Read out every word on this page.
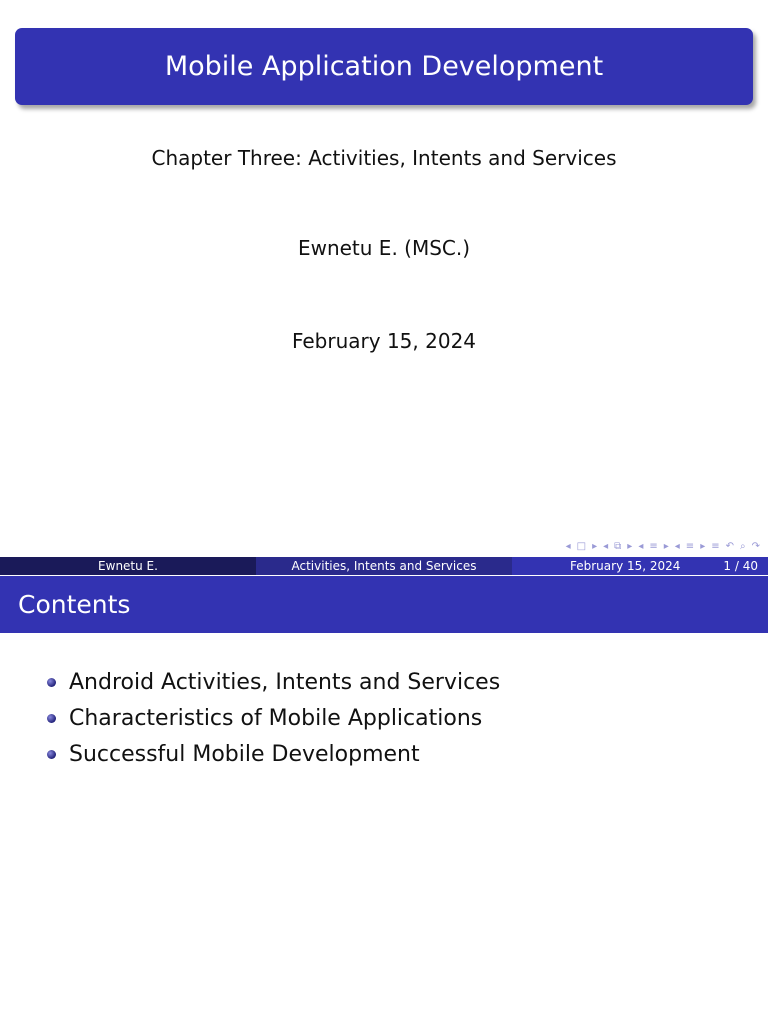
Mobile Application Development
Chapter Three: Activities, Intents and Services
Ewnetu E. (MSC.)
February 15, 2024
◂ □ ▸ ◂ ⧉ ▸ ◂ ≡ ▸ ◂ ≡ ▸ ≡ ↶ ⌕ ↷
Ewnetu E.	Activities, Intents and Services	February 15, 2024	1 / 40
Contents
Android Activities, Intents and Services
Characteristics of Mobile Applications
Successful Mobile Development
